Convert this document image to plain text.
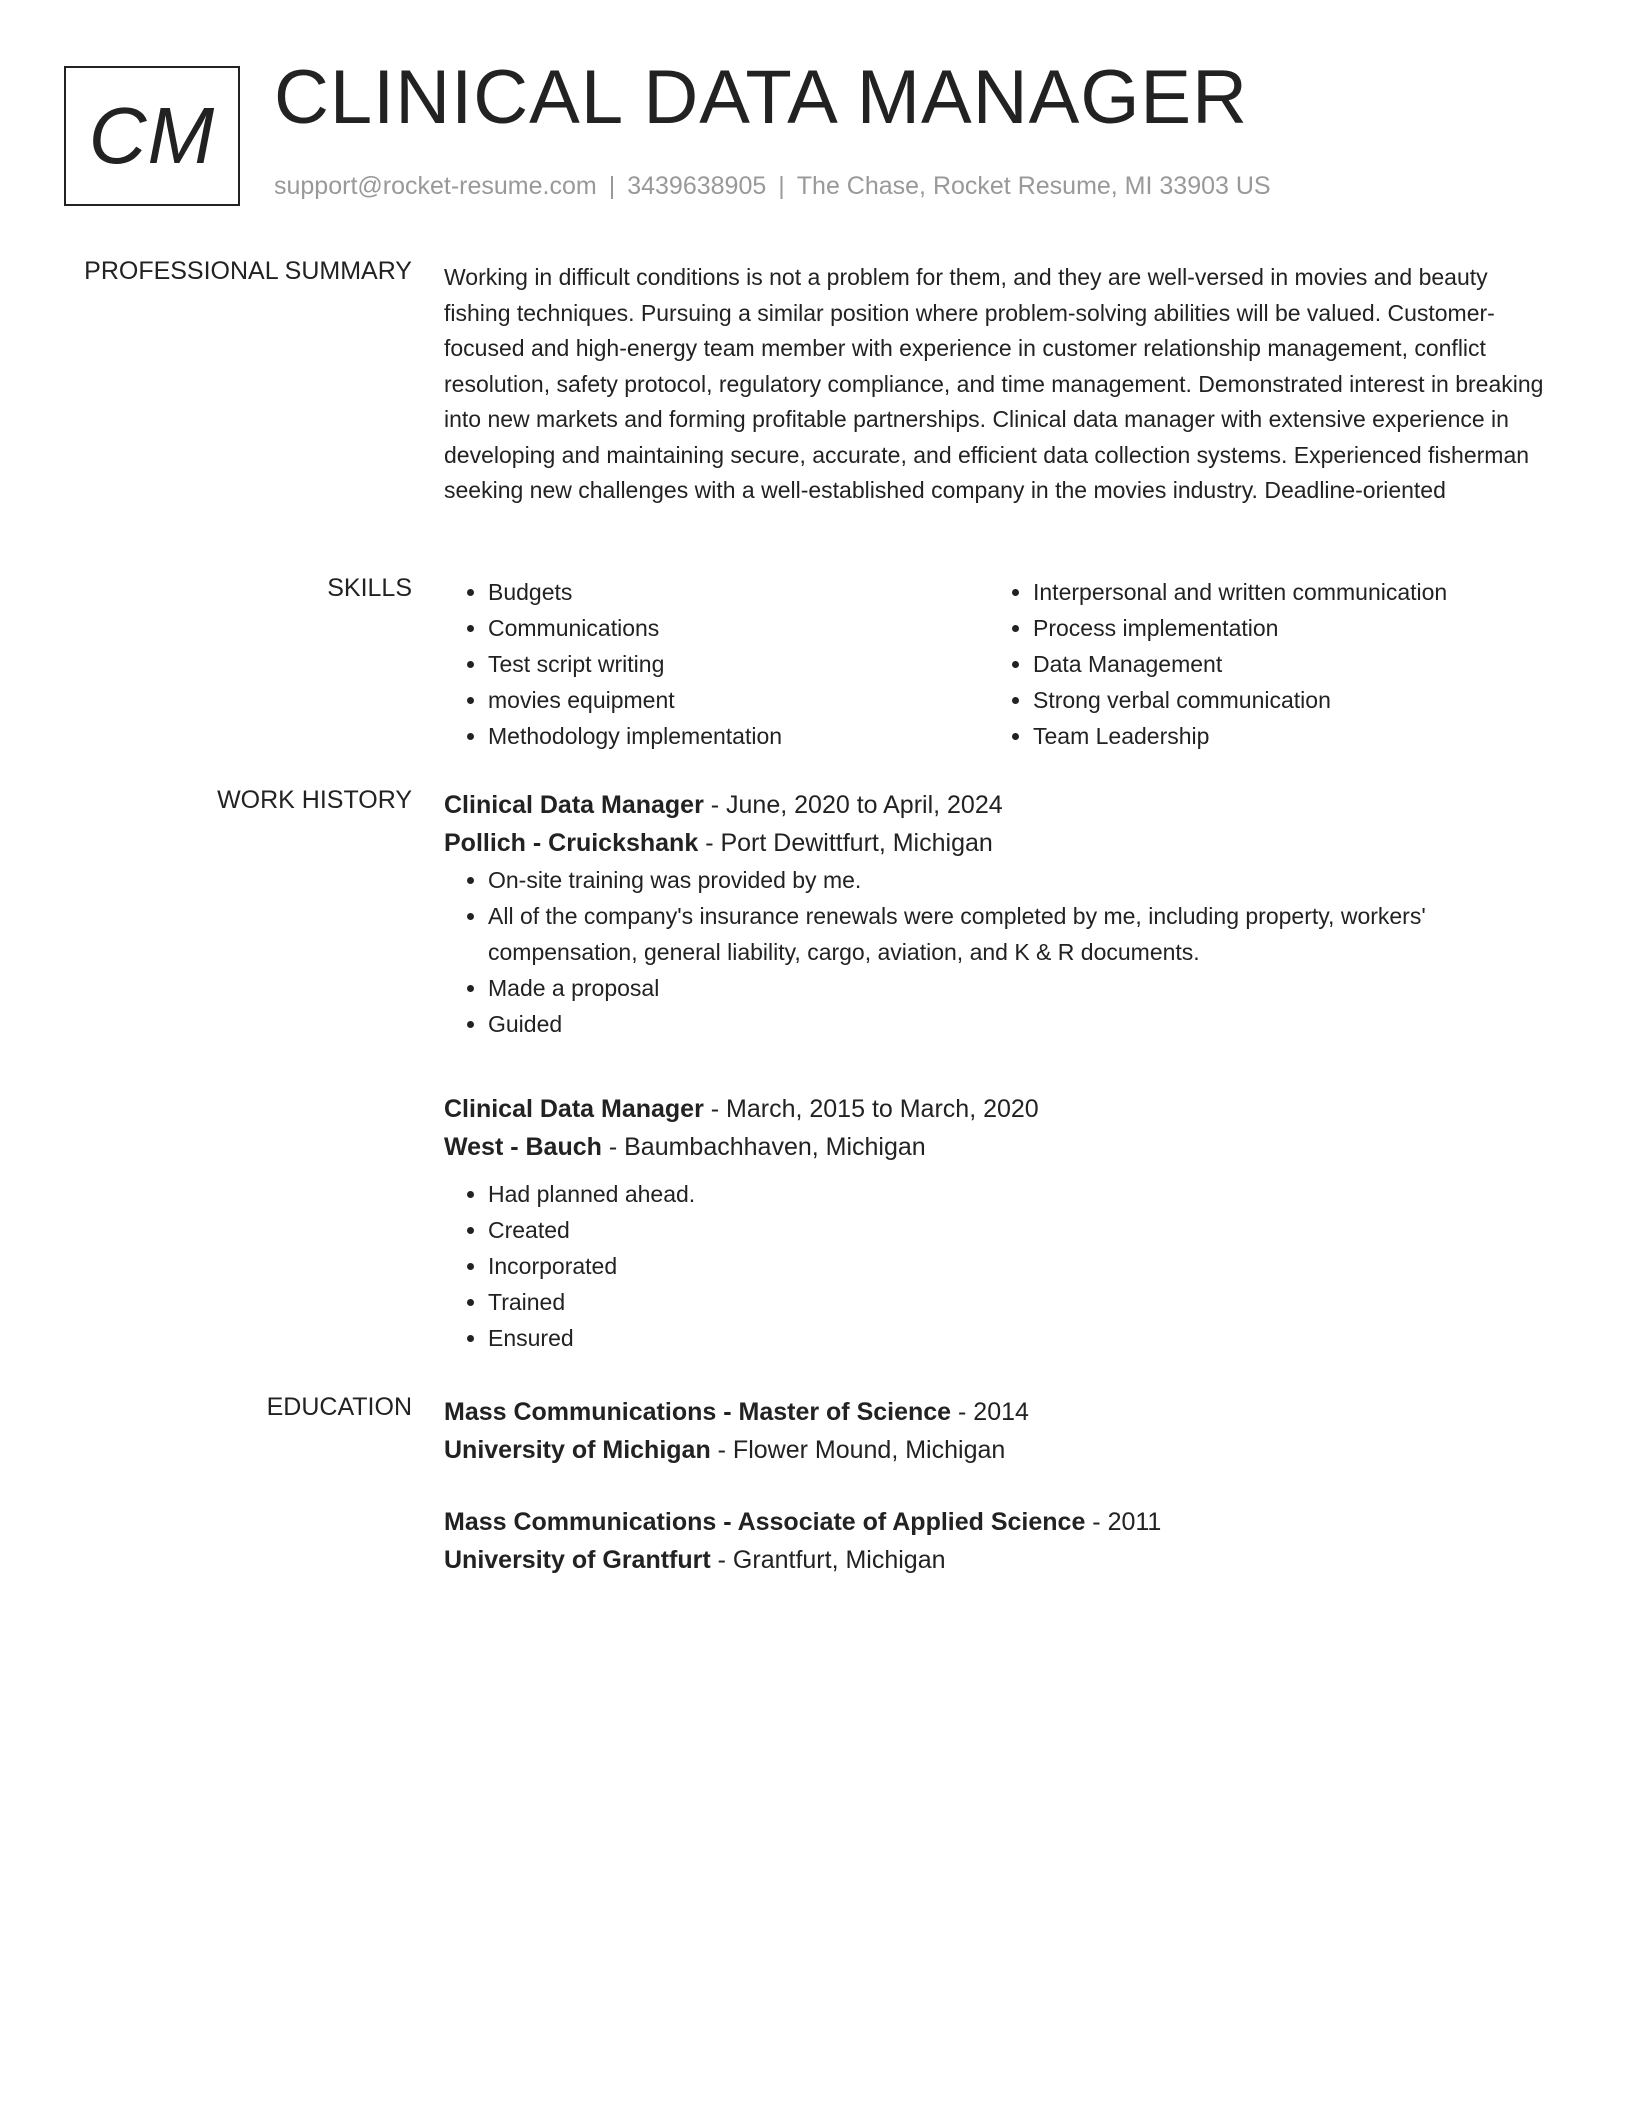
CM CLINICAL DATA MANAGER
support@rocket-resume.com | 3439638905 | The Chase, Rocket Resume, MI 33903 US
PROFESSIONAL SUMMARY Working in difficult conditions is not a problem for them, and they are well-versed in movies and beauty fishing techniques. Pursuing a similar position where problem-solving abilities will be valued. Customer-focused and high-energy team member with experience in customer relationship management, conflict resolution, safety protocol, regulatory compliance, and time management. Demonstrated interest in breaking into new markets and forming profitable partnerships. Clinical data manager with extensive experience in developing and maintaining secure, accurate, and efficient data collection systems. Experienced fisherman seeking new challenges with a well-established company in the movies industry. Deadline-oriented

SKILLS
•	Budgets
• Communications
• Test script writing
• movies equipment
• Methodology implementation
• Interpersonal and written communication
• Process implementation
• Data Management
• Strong verbal communication
• Team Leadership
WORK HISTORY Clinical Data Manager - June, 2020 to April, 2024
Pollich - Cruickshank - Port Dewittfurt, Michigan
• On-site training was provided by me.
• All of the company's insurance renewals were completed by me, including property, workers' compensation, general liability, cargo, aviation, and K & R documents.
• Made a proposal
• Guided
Clinical Data Manager - March, 2015 to March, 2020
West - Bauch - Baumbachhaven, Michigan
• Had planned ahead.
• Created
• Incorporated
• Trained
• Ensured
EDUCATION Mass Communications - Master of Science - 2014
University of Michigan - Flower Mound, Michigan
Mass Communications - Associate of Applied Science - 2011
University of Grantfurt - Grantfurt, Michigan
